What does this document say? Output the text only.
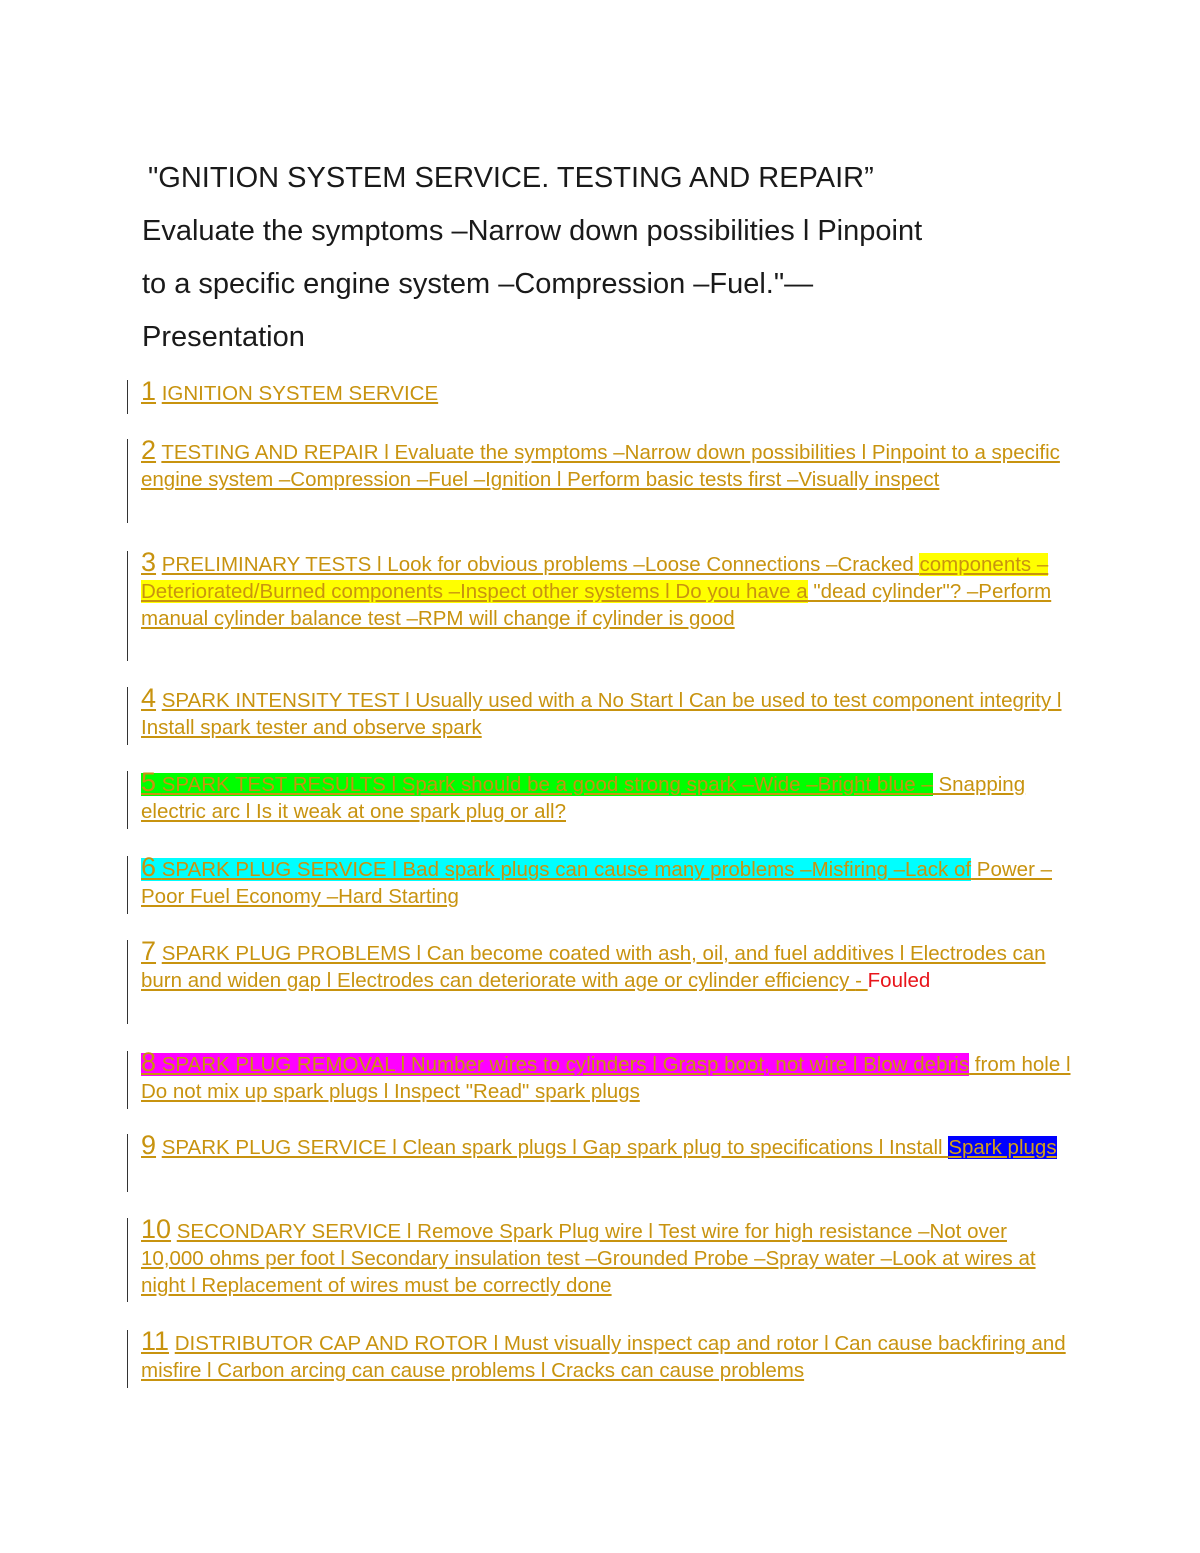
"GNITION SYSTEM SERVICE. TESTING AND REPAIR”
Evaluate the symptoms –Narrow down possibilities l Pinpoint
to a specific engine system –Compression –Fuel."—
Presentation
1 IGNITION SYSTEM SERVICE
2 TESTING AND REPAIR l Evaluate the symptoms –Narrow down possibilities l Pinpoint to a specific engine system –Compression –Fuel –Ignition l Perform basic tests first –Visually inspect
3 PRELIMINARY TESTS l Look for obvious problems –Loose Connections –Cracked components –Deteriorated/Burned components –Inspect other systems l Do you have a "dead cylinder"? –Perform manual cylinder balance test –RPM will change if cylinder is good
4 SPARK INTENSITY TEST l Usually used with a No Start l Can be used to test component integrity l Install spark tester and observe spark
5 SPARK TEST RESULTS l Spark should be a good strong spark –Wide –Bright blue – Snapping electric arc l Is it weak at one spark plug or all?
6 SPARK PLUG SERVICE l Bad spark plugs can cause many problems –Misfiring –Lack of Power –Poor Fuel Economy –Hard Starting
7 SPARK PLUG PROBLEMS l Can become coated with ash, oil, and fuel additives l Electrodes can burn and widen gap l Electrodes can deteriorate with age or cylinder efficiency - Fouled
8 SPARK PLUG REMOVAL l Number wires to cylinders l Grasp boot, not wire l Blow debris from hole l Do not mix up spark plugs l Inspect "Read" spark plugs
9 SPARK PLUG SERVICE l Clean spark plugs l Gap spark plug to specifications l Install Spark plugs
10 SECONDARY SERVICE l Remove Spark Plug wire l Test wire for high resistance –Not over 10,000 ohms per foot l Secondary insulation test –Grounded Probe –Spray water –Look at wires at night l Replacement of wires must be correctly done
11 DISTRIBUTOR CAP AND ROTOR l Must visually inspect cap and rotor l Can cause backfiring and misfire l Carbon arcing can cause problems l Cracks can cause problems
